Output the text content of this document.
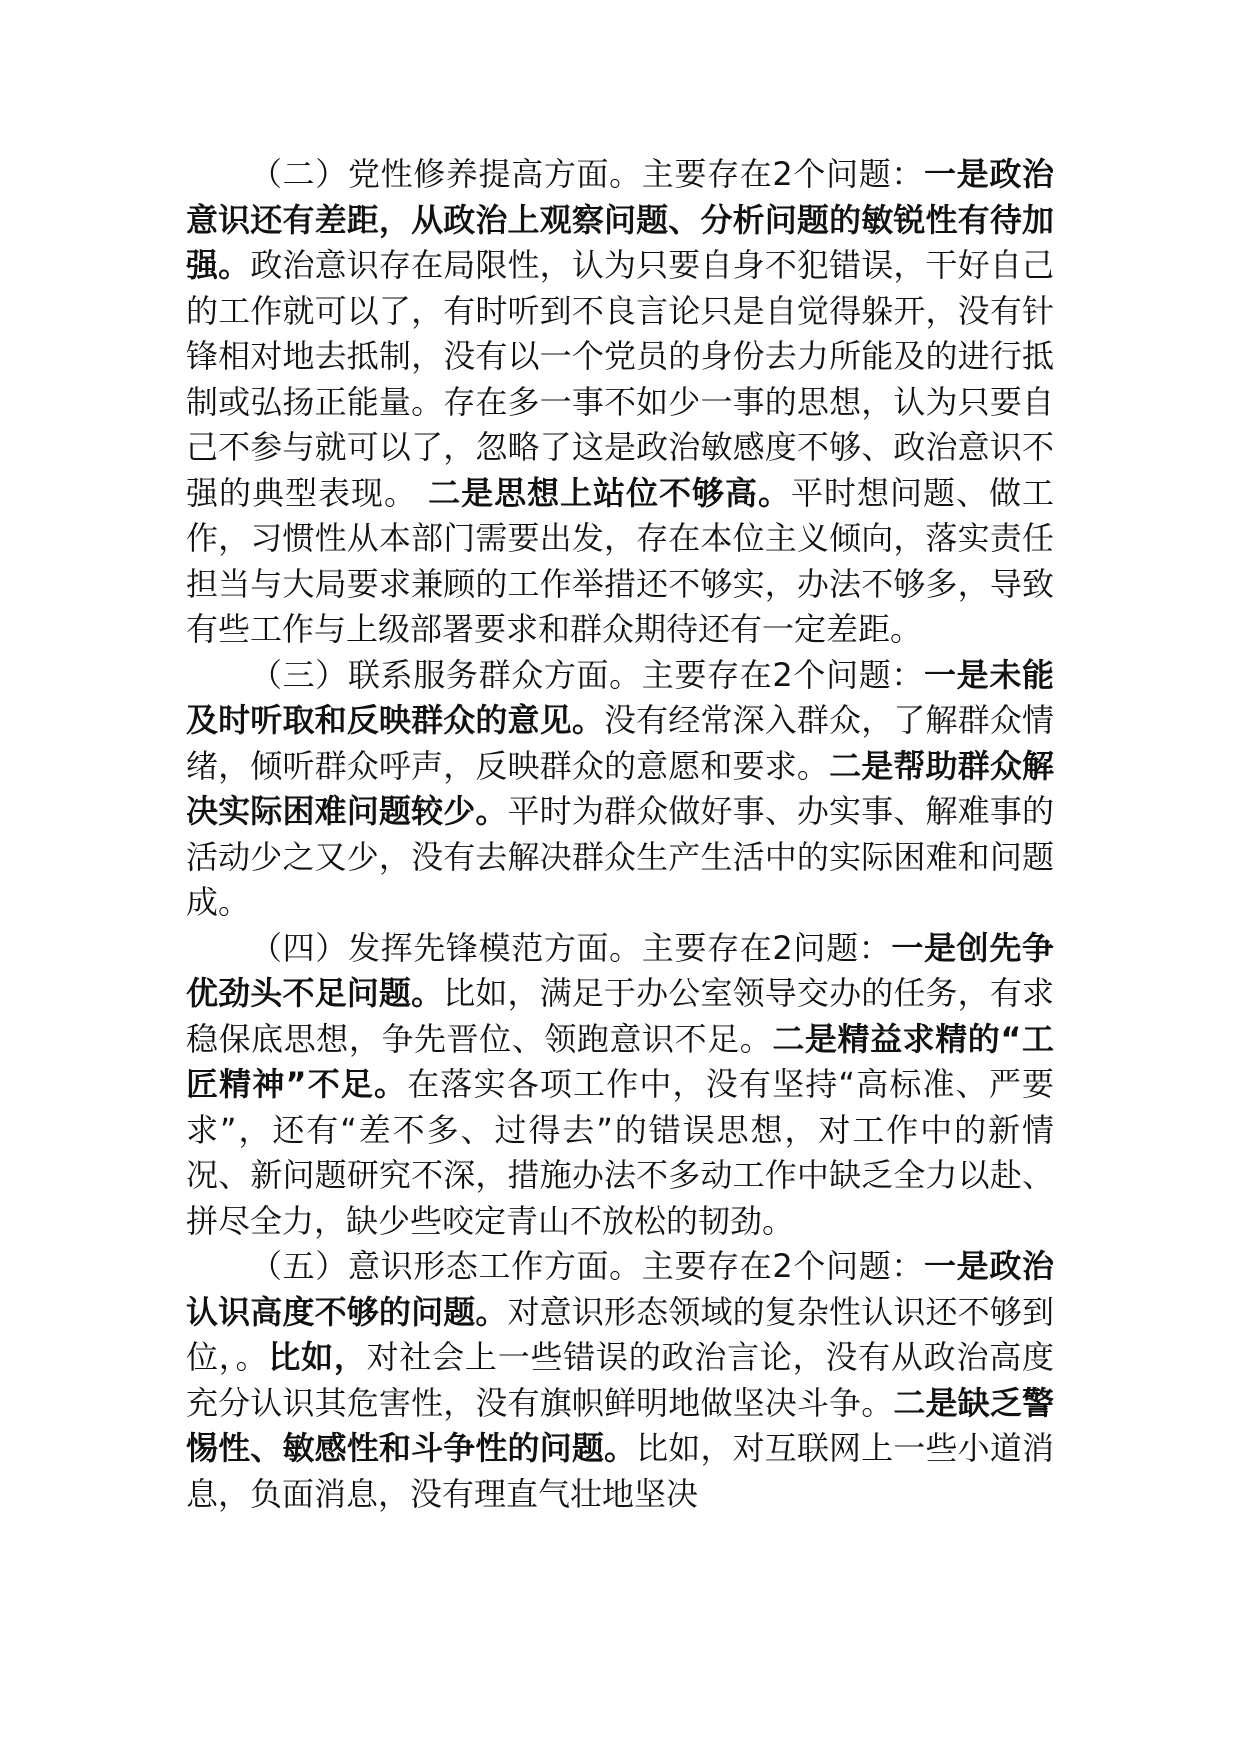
（二）党性修养提高方面。主要存在2个问题：一是政治意识还有差距，从政治上观察问题、分析问题的敏锐性有待加强。政治意识存在局限性，认为只要自身不犯错误，干好自己的工作就可以了，有时听到不良言论只是自觉得躲开，没有针锋相对地去抵制，没有以一个党员的身份去力所能及的进行抵制或弘扬正能量。存在多一事不如少一事的思想，认为只要自己不参与就可以了，忽略了这是政治敏感度不够、政治意识不强的典型表现。 二是思想上站位不够高。平时想问题、做工作，习惯性从本部门需要出发，存在本位主义倾向，落实责任担当与大局要求兼顾的工作举措还不够实，办法不够多，导致有些工作与上级部署要求和群众期待还有一定差距。

（三）联系服务群众方面。主要存在2个问题：一是未能及时听取和反映群众的意见。没有经常深入群众，了解群众情绪，倾听群众呼声，反映群众的意愿和要求。二是帮助群众解决实际困难问题较少。平时为群众做好事、办实事、解难事的活动少之又少，没有去解决群众生产生活中的实际困难和问题成。

（四）发挥先锋模范方面。主要存在2问题：一是创先争优劲头不足问题。比如，满足于办公室领导交办的任务，有求稳保底思想，争先晋位、领跑意识不足。二是精益求精的“工匠精神”不足。在落实各项工作中，没有坚持“高标准、严要求”，还有“差不多、过得去”的错误思想，对工作中的新情况、新问题研究不深，措施办法不多动工作中缺乏全力以赴、拼尽全力，缺少些咬定青山不放松的韧劲。

（五）意识形态工作方面。主要存在2个问题：一是政治认识高度不够的问题。对意识形态领域的复杂性认识还不够到位，。比如，对社会上一些错误的政治言论，没有从政治高度充分认识其危害性，没有旗帜鲜明地做坚决斗争。二是缺乏警惕性、敏感性和斗争性的问题。比如，对互联网上一些小道消息，负面消息，没有理直气壮地坚决
